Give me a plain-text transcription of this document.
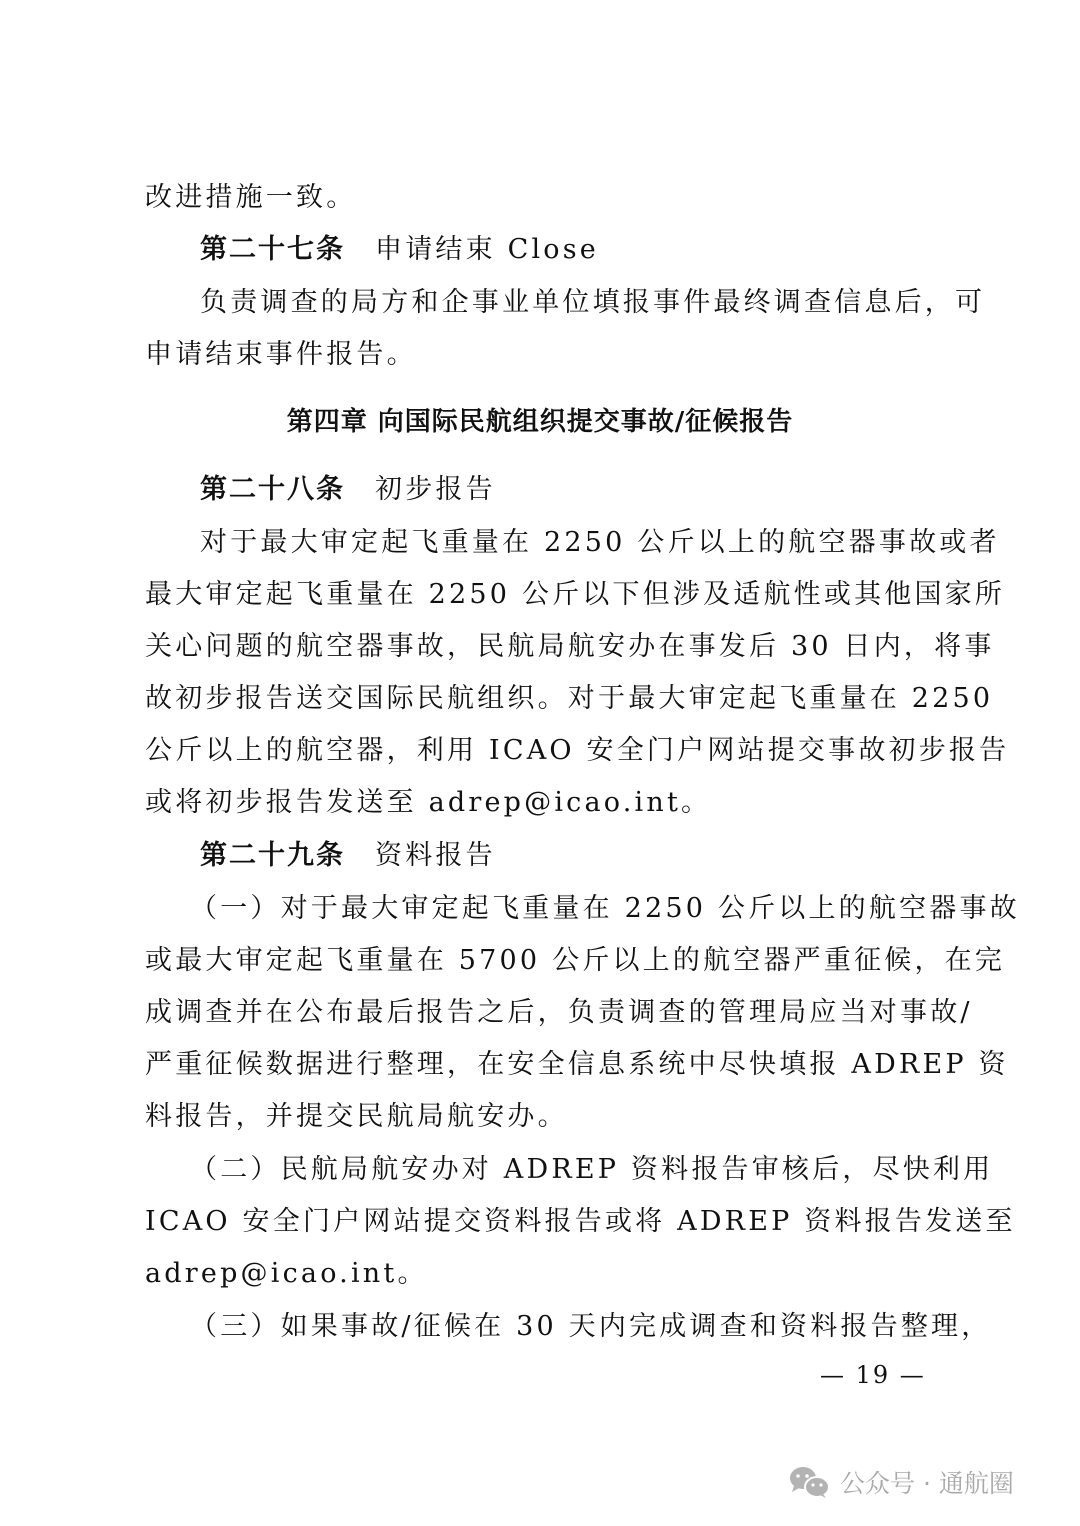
改进措施一致。
第二十七条 申请结束 Close
负责调查的局方和企事业单位填报事件最终调查信息后，可
申请结束事件报告。
第四章 向国际民航组织提交事故/征候报告
第二十八条 初步报告
对于最大审定起飞重量在 2250 公斤以上的航空器事故或者
最大审定起飞重量在 2250 公斤以下但涉及适航性或其他国家所
关心问题的航空器事故，民航局航安办在事发后 30 日内，将事
故初步报告送交国际民航组织。对于最大审定起飞重量在 2250
公斤以上的航空器，利用 ICAO 安全门户网站提交事故初步报告
或将初步报告发送至 adrep@icao.int。
第二十九条 资料报告
（一）对于最大审定起飞重量在 2250 公斤以上的航空器事故
或最大审定起飞重量在 5700 公斤以上的航空器严重征候，在完
成调查并在公布最后报告之后，负责调查的管理局应当对事故/
严重征候数据进行整理，在安全信息系统中尽快填报 ADREP 资
料报告，并提交民航局航安办。
（二）民航局航安办对 ADREP 资料报告审核后，尽快利用
ICAO 安全门户网站提交资料报告或将 ADREP 资料报告发送至
adrep@icao.int。
（三）如果事故/征候在 30 天内完成调查和资料报告整理，
— 19 —
公众号 · 通航圈
